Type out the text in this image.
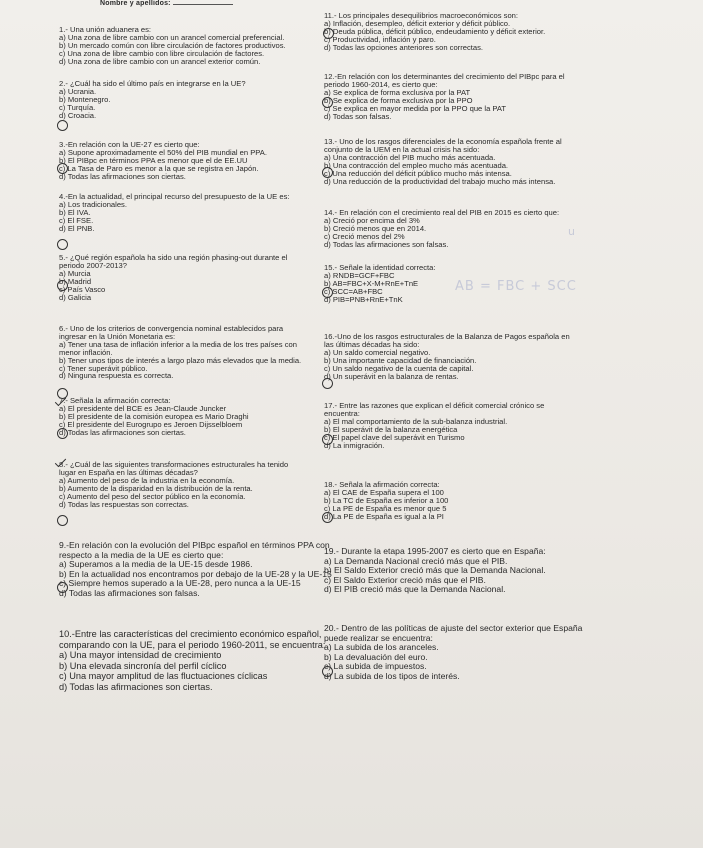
Nombre y apellidos:
1.- Una unión aduanera es:
a) Una zona de libre cambio con un arancel comercial preferencial.
b) Un mercado común con libre circulación de factores productivos.
c) Una zona de libre cambio con libre circulación de factores.
d) Una zona de libre cambio con un arancel exterior común.
2.- ¿Cuál ha sido el último país en integrarse en la UE?
a) Ucrania.
b) Montenegro.
c) Turquía.
d) Croacia.
3.-En relación con la UE-27 es cierto que:
a) Supone aproximadamente el 50% del PIB mundial en PPA.
b) El PIBpc en términos PPA es menor que el de EE.UU
c) La Tasa de Paro es menor a la que se registra en Japón.
d) Todas las afirmaciones son ciertas.
4.-En la actualidad, el principal recurso del presupuesto de la UE es:
a) Los tradicionales.
b) El IVA.
c) El FSE.
d) El PNB.
5.- ¿Qué región española ha sido una región phasing-out durante el
periodo 2007-2013?
a) Murcia
b) Madrid
c) País Vasco
d) Galicia
6.- Uno de los criterios de convergencia nominal establecidos para
ingresar en la Unión Monetaria es:
a) Tener una tasa de inflación inferior a la media de los tres países con
menor inflación.
b) Tener unos tipos de interés a largo plazo más elevados que la media.
c) Tener superávit público.
d) Ninguna respuesta es correcta.
7.- Señala la afirmación correcta:
a) El presidente del BCE es Jean-Claude Juncker
b) El presidente de la comisión europea es Mario Draghi
c) El presidente del Eurogrupo es Jeroen Dijsselbloem
d) Todas las afirmaciones son ciertas.
8.- ¿Cuál de las siguientes transformaciones estructurales ha tenido
lugar en España en las últimas décadas?
a) Aumento del peso de la industria en la economía.
b) Aumento de la disparidad en la distribución de la renta.
c) Aumento del peso del sector público en la economía.
d) Todas las respuestas son correctas.
9.-En relación con la evolución del PIBpc español en términos PPA con
respecto a la media de la UE es cierto que:
a) Superamos a la media de la UE-15 desde 1986.
b) En la actualidad nos encontramos por debajo de la UE-28 y la UE-15
c) Siempre hemos superado a la UE-28, pero nunca a la UE-15
d) Todas las afirmaciones son falsas.
10.-Entre las características del crecimiento económico español,
comparando con la UE, para el periodo 1960-2011, se encuentra:
a) Una mayor intensidad de crecimiento
b) Una elevada sincronía del perfil cíclico
c) Una mayor amplitud de las fluctuaciones cíclicas
d) Todas las afirmaciones son ciertas.
11.- Los principales desequilibrios macroeconómicos son:
a) Inflación, desempleo, déficit exterior y déficit público.
b) Deuda pública, déficit público, endeudamiento y déficit exterior.
c) Productividad, inflación y paro.
d) Todas las opciones anteriores son correctas.
12.-En relación con los determinantes del crecimiento del PIBpc para el
periodo 1960-2014, es cierto que:
a) Se explica de forma exclusiva por la PAT
b) Se explica de forma exclusiva por la PPO
c) Se explica en mayor medida por la PPO que la PAT
d) Todas son falsas.
13.- Uno de los rasgos diferenciales de la economía española frente al
conjunto de la UEM en la actual crisis ha sido:
a) Una contracción del PIB mucho más acentuada.
b) Una contracción del empleo mucho más acentuada.
c) Una reducción del déficit público mucho más intensa.
d) Una reducción de la productividad del trabajo mucho más intensa.
14.- En relación con el crecimiento real del PIB en 2015 es cierto que:
a) Creció por encima del 3%
b) Creció menos que en 2014.
c) Creció menos del 2%
d) Todas las afirmaciones son falsas.
15.- Señale la identidad correcta:
a) RNDB=GCF+FBC
b) AB=FBC+X-M+RnE+TnE
c) SCC=AB+FBC
d) PIB=PNB+RnE+TnK
16.-Uno de los rasgos estructurales de la Balanza de Pagos española en
las últimas décadas ha sido:
a) Un saldo comercial negativo.
b) Una importante capacidad de financiación.
c) Un saldo negativo de la cuenta de capital.
d) Un superávit en la balanza de rentas.
17.- Entre las razones que explican el déficit comercial crónico se
encuentra:
a) El mal comportamiento de la sub-balanza industrial.
b) El superávit de la balanza energética
c) El papel clave del superávit en Turismo
d) La inmigración.
18.- Señala la afirmación correcta:
a) El CAE de España supera el 100
b) La TC de España es inferior a 100
c) La PE de España es menor que 5
d) La PE de España es igual a la PI
19.- Durante la etapa 1995-2007 es cierto que en España:
a) La Demanda Nacional creció más que el PIB.
b) El Saldo Exterior creció más que la Demanda Nacional.
c) El Saldo Exterior creció más que el PIB.
d) El PIB creció más que la Demanda Nacional.
20.- Dentro de las políticas de ajuste del sector exterior que España
puede realizar se encuentra:
a) La subida de los aranceles.
b) La devaluación del euro.
c) La subida de impuestos.
d) La subida de los tipos de interés.
AB = FBC + SCC
u
